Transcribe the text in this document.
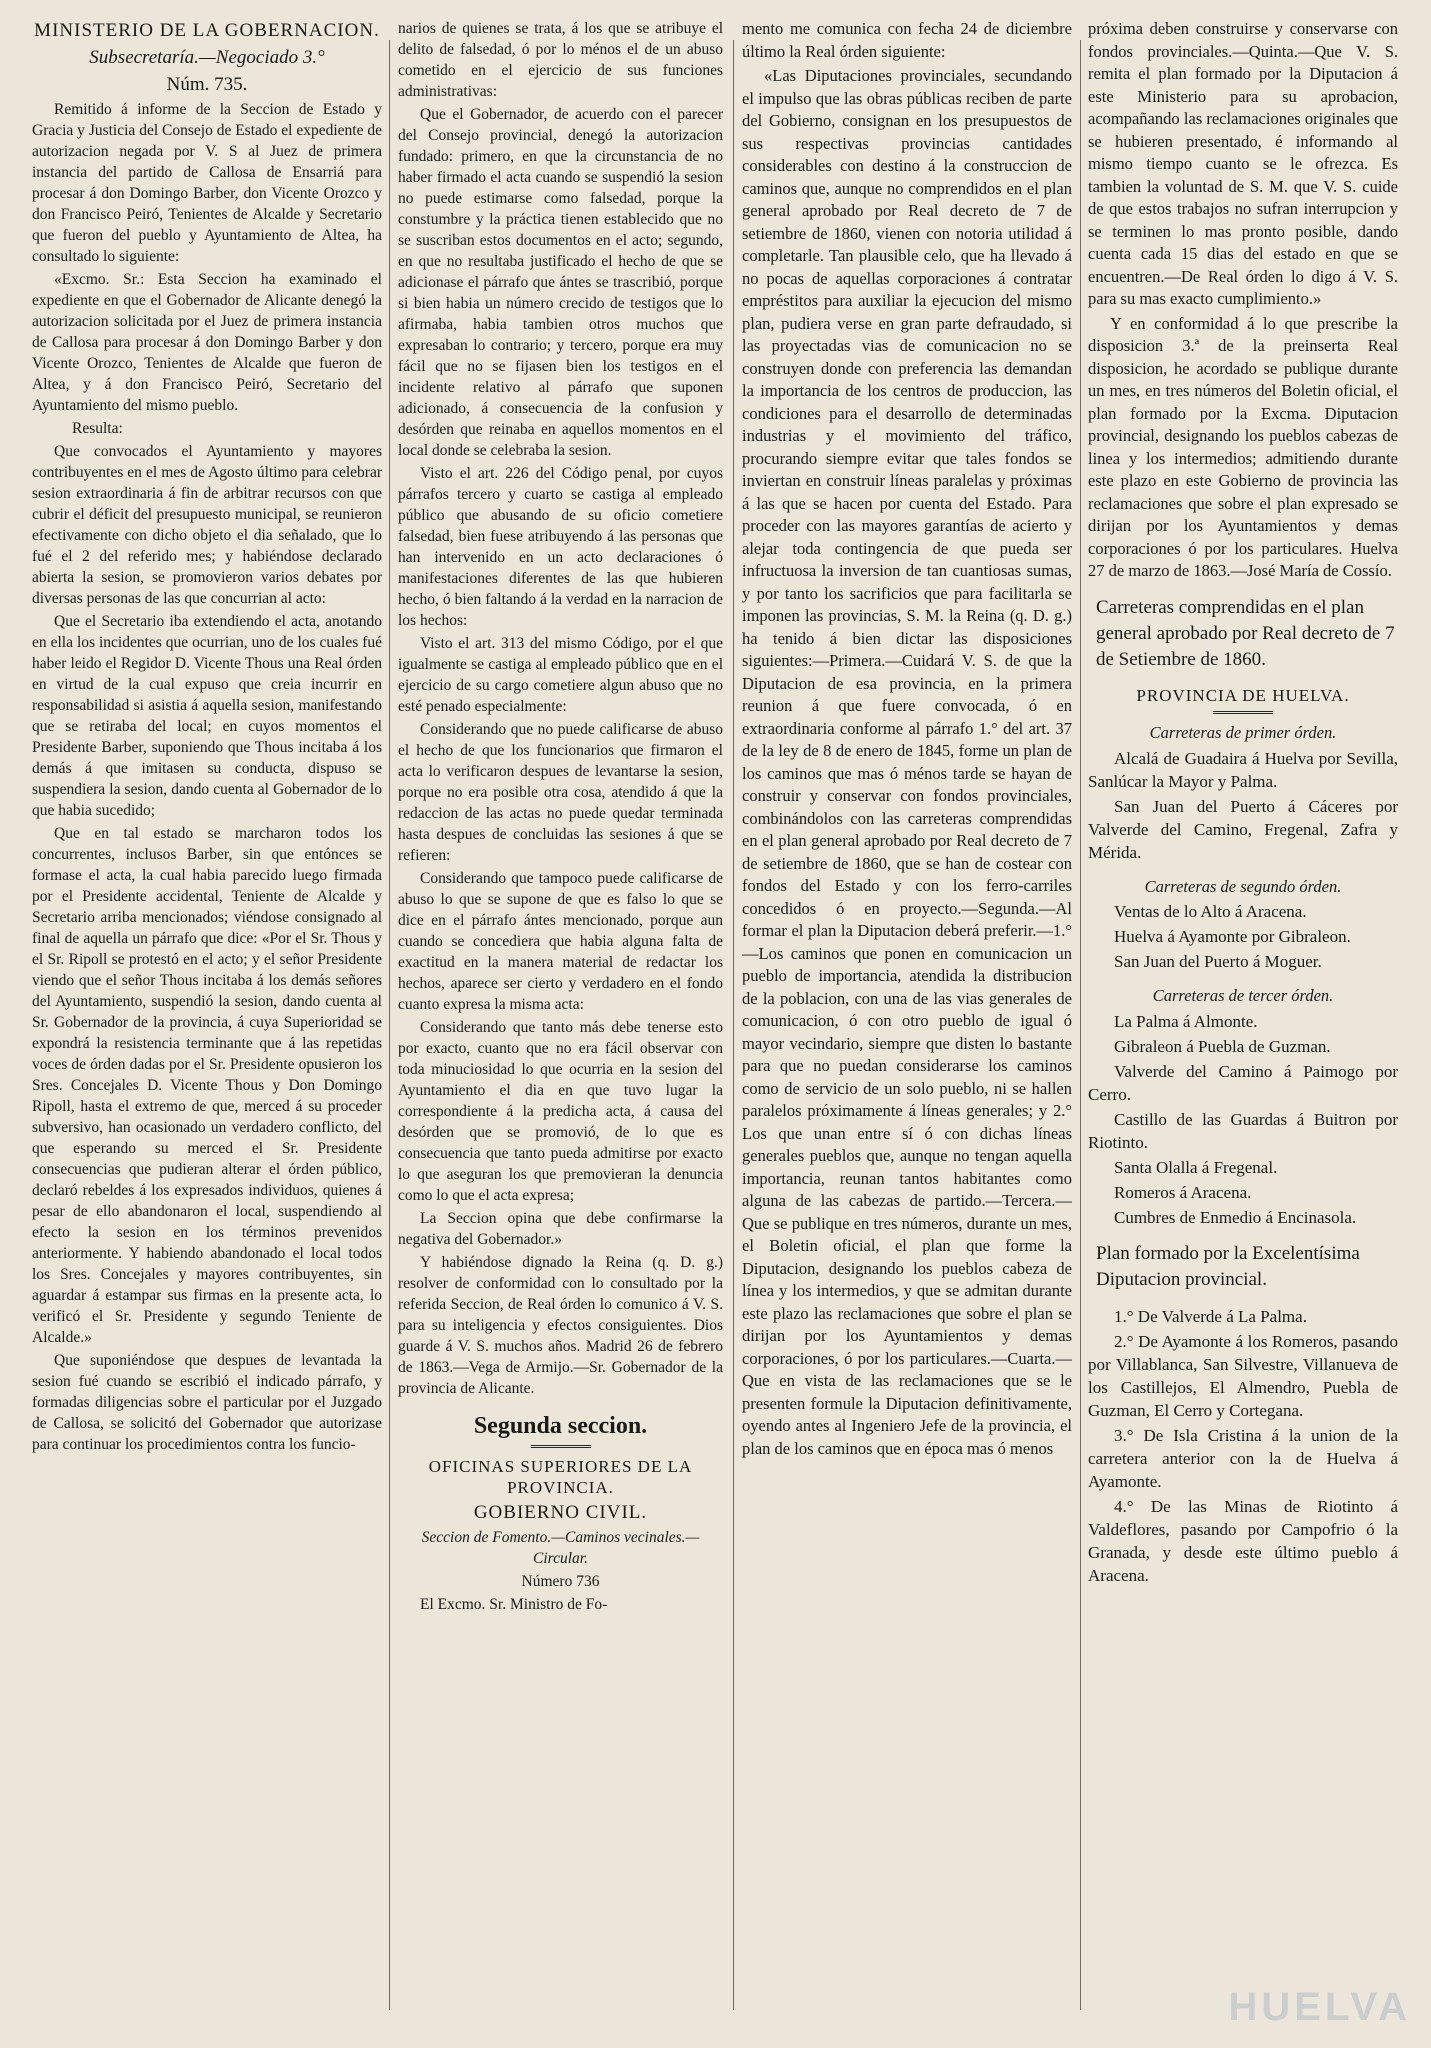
MINISTERIO DE LA GOBERNACION.

Subsecretaría.—Negociado 3.°

Núm. 735.

Remitido á informe de la Seccion de Estado y Gracia y Justicia del Consejo de Estado el expediente de autorizacion negada por V. S al Juez de primera instancia del partido de Callosa de Ensarriá para procesar á don Domingo Barber, don Vicente Orozco y don Francisco Peiró, Tenientes de Alcalde y Secretario que fueron del pueblo y Ayuntamiento de Altea, ha consultado lo siguiente:

«Excmo. Sr.: Esta Seccion ha examinado el expediente en que el Gobernador de Alicante denegó la autorizacion solicitada por el Juez de primera instancia de Callosa para procesar á don Domingo Barber y don Vicente Orozco, Tenientes de Alcalde que fueron de Altea, y á don Francisco Peiró, Secretario del Ayuntamiento del mismo pueblo.

Resulta:

Que convocados el Ayuntamiento y mayores contribuyentes en el mes de Agosto último para celebrar sesion extraordinaria á fin de arbitrar recursos con que cubrir el déficit del presupuesto municipal, se reunieron efectivamente con dicho objeto el dia señalado, que lo fué el 2 del referido mes; y habiéndose declarado abierta la sesion, se promovieron varios debates por diversas personas de las que concurrian al acto:

Que el Secretario iba extendiendo el acta, anotando en ella los incidentes que ocurrian, uno de los cuales fué haber leido el Regidor D. Vicente Thous una Real órden en virtud de la cual expuso que creia incurrir en responsabilidad si asistia á aquella sesion, manifestando que se retiraba del local; en cuyos momentos el Presidente Barber, suponiendo que Thous incitaba á los demás á que imitasen su conducta, dispuso se suspendiera la sesion, dando cuenta al Gobernador de lo que habia sucedido;

Que en tal estado se marcharon todos los concurrentes, inclusos Barber, sin que entónces se formase el acta, la cual habia parecido luego firmada por el Presidente accidental, Teniente de Alcalde y Secretario arriba mencionados; viéndose consignado al final de aquella un párrafo que dice: «Por el Sr. Thous y el Sr. Ripoll se protestó en el acto; y el señor Presidente viendo que el señor Thous incitaba á los demás señores del Ayuntamiento, suspendió la sesion, dando cuenta al Sr. Gobernador de la provincia, á cuya Superioridad se expondrá la resistencia terminante que á las repetidas voces de órden dadas por el Sr. Presidente opusieron los Sres. Concejales D. Vicente Thous y Don Domingo Ripoll, hasta el extremo de que, merced á su proceder subversivo, han ocasionado un verdadero conflicto, del que esperando su merced el Sr. Presidente consecuencias que pudieran alterar el órden público, declaró rebeldes á los expresados individuos, quienes á pesar de ello abandonaron el local, suspendiendo al efecto la sesion en los términos prevenidos anteriormente. Y habiendo abandonado el local todos los Sres. Concejales y mayores contribuyentes, sin aguardar á estampar sus firmas en la presente acta, lo verificó el Sr. Presidente y segundo Teniente de Alcalde.»

Que suponiéndose que despues de levantada la sesion fué cuando se escribió el indicado párrafo, y formadas diligencias sobre el particular por el Juzgado de Callosa, se solicitó del Gobernador que autorizase para continuar los procedimientos contra los funcio-

narios de quienes se trata, á los que se atribuye el delito de falsedad, ó por lo ménos el de un abuso cometido en el ejercicio de sus funciones administrativas:

Que el Gobernador, de acuerdo con el parecer del Consejo provincial, denegó la autorizacion fundado: primero, en que la circunstancia de no haber firmado el acta cuando se suspendió la sesion no puede estimarse como falsedad, porque la constumbre y la práctica tienen establecido que no se suscriban estos documentos en el acto; segundo, en que no resultaba justificado el hecho de que se adicionase el párrafo que ántes se trascribió, porque si bien habia un número crecido de testigos que lo afirmaba, habia tambien otros muchos que expresaban lo contrario; y tercero, porque era muy fácil que no se fijasen bien los testigos en el incidente relativo al párrafo que suponen adicionado, á consecuencia de la confusion y desórden que reinaba en aquellos momentos en el local donde se celebraba la sesion.

Visto el art. 226 del Código penal, por cuyos párrafos tercero y cuarto se castiga al empleado público que abusando de su oficio cometiere falsedad, bien fuese atribuyendo á las personas que han intervenido en un acto declaraciones ó manifestaciones diferentes de las que hubieren hecho, ó bien faltando á la verdad en la narracion de los hechos:

Visto el art. 313 del mismo Código, por el que igualmente se castiga al empleado público que en el ejercicio de su cargo cometiere algun abuso que no esté penado especialmente:

Considerando que no puede calificarse de abuso el hecho de que los funcionarios que firmaron el acta lo verificaron despues de levantarse la sesion, porque no era posible otra cosa, atendido á que la redaccion de las actas no puede quedar terminada hasta despues de concluidas las sesiones á que se refieren:

Considerando que tampoco puede calificarse de abuso lo que se supone de que es falso lo que se dice en el párrafo ántes mencionado, porque aun cuando se concediera que habia alguna falta de exactitud en la manera material de redactar los hechos, aparece ser cierto y verdadero en el fondo cuanto expresa la misma acta:

Considerando que tanto más debe tenerse esto por exacto, cuanto que no era fácil observar con toda minuciosidad lo que ocurria en la sesion del Ayuntamiento el dia en que tuvo lugar la correspondiente á la predicha acta, á causa del desórden que se promovió, de lo que es consecuencia que tanto pueda admitirse por exacto lo que aseguran los que premovieran la denuncia como lo que el acta expresa;

La Seccion opina que debe confirmarse la negativa del Gobernador.»

Y habiéndose dignado la Reina (q. D. g.) resolver de conformidad con lo consultado por la referida Seccion, de Real órden lo comunico á V. S. para su inteligencia y efectos consiguientes. Dios guarde á V. S. muchos años. Madrid 26 de febrero de 1863.—Vega de Armijo.—Sr. Gobernador de la provincia de Alicante.

Segunda seccion.

OFICINAS SUPERIORES DE LA PROVINCIA.

GOBIERNO CIVIL.

Seccion de Fomento.—Caminos vecinales.—Circular.

Número 736

El Excmo. Sr. Ministro de Fo-

mento me comunica con fecha 24 de diciembre último la Real órden siguiente:

«Las Diputaciones provinciales, secundando el impulso que las obras públicas reciben de parte del Gobierno, consignan en los presupuestos de sus respectivas provincias cantidades considerables con destino á la construccion de caminos que, aunque no comprendidos en el plan general aprobado por Real decreto de 7 de setiembre de 1860, vienen con notoria utilidad á completarle. Tan plausible celo, que ha llevado á no pocas de aquellas corporaciones á contratar empréstitos para auxiliar la ejecucion del mismo plan, pudiera verse en gran parte defraudado, si las proyectadas vias de comunicacion no se construyen donde con preferencia las demandan la importancia de los centros de produccion, las condiciones para el desarrollo de determinadas industrias y el movimiento del tráfico, procurando siempre evitar que tales fondos se inviertan en construir líneas paralelas y próximas á las que se hacen por cuenta del Estado. Para proceder con las mayores garantías de acierto y alejar toda contingencia de que pueda ser infructuosa la inversion de tan cuantiosas sumas, y por tanto los sacrificios que para facilitarla se imponen las provincias, S. M. la Reina (q. D. g.) ha tenido á bien dictar las disposiciones siguientes:—Primera.—Cuidará V. S. de que la Diputacion de esa provincia, en la primera reunion á que fuere convocada, ó en extraordinaria conforme al párrafo 1.° del art. 37 de la ley de 8 de enero de 1845, forme un plan de los caminos que mas ó ménos tarde se hayan de construir y conservar con fondos provinciales, combinándolos con las carreteras comprendidas en el plan general aprobado por Real decreto de 7 de setiembre de 1860, que se han de costear con fondos del Estado y con los ferro-carriles concedidos ó en proyecto.—Segunda.—Al formar el plan la Diputacion deberá preferir.—1.° —Los caminos que ponen en comunicacion un pueblo de importancia, atendida la distribucion de la poblacion, con una de las vias generales de comunicacion, ó con otro pueblo de igual ó mayor vecindario, siempre que disten lo bastante para que no puedan considerarse los caminos como de servicio de un solo pueblo, ni se hallen paralelos próximamente á líneas generales; y 2.° Los que unan entre sí ó con dichas líneas generales pueblos que, aunque no tengan aquella importancia, reunan tantos habitantes como alguna de las cabezas de partido.—Tercera.—Que se publique en tres números, durante un mes, el Boletin oficial, el plan que forme la Diputacion, designando los pueblos cabeza de línea y los intermedios, y que se admitan durante este plazo las reclamaciones que sobre el plan se dirijan por los Ayuntamientos y demas corporaciones, ó por los particulares.—Cuarta.—Que en vista de las reclamaciones que se le presenten formule la Diputacion definitivamente, oyendo antes al Ingeniero Jefe de la provincia, el plan de los caminos que en época mas ó menos

próxima deben construirse y conservarse con fondos provinciales.—Quinta.—Que V. S. remita el plan formado por la Diputacion á este Ministerio para su aprobacion, acompañando las reclamaciones originales que se hubieren presentado, é informando al mismo tiempo cuanto se le ofrezca. Es tambien la voluntad de S. M. que V. S. cuide de que estos trabajos no sufran interrupcion y se terminen lo mas pronto posible, dando cuenta cada 15 dias del estado en que se encuentren.—De Real órden lo digo á V. S. para su mas exacto cumplimiento.»

Y en conformidad á lo que prescribe la disposicion 3.ª de la preinserta Real disposicion, he acordado se publique durante un mes, en tres números del Boletin oficial, el plan formado por la Excma. Diputacion provincial, designando los pueblos cabezas de linea y los intermedios; admitiendo durante este plazo en este Gobierno de provincia las reclamaciones que sobre el plan expresado se dirijan por los Ayuntamientos y demas corporaciones ó por los particulares. Huelva 27 de marzo de 1863.—José María de Cossío.

Carreteras comprendidas en el plan general aprobado por Real decreto de 7 de Setiembre de 1860.

PROVINCIA DE HUELVA.

Carreteras de primer órden.

Alcalá de Guadaira á Huelva por Sevilla, Sanlúcar la Mayor y Palma.

San Juan del Puerto á Cáceres por Valverde del Camino, Fregenal, Zafra y Mérida.

Carreteras de segundo órden.

Ventas de lo Alto á Aracena.

Huelva á Ayamonte por Gibraleon.

San Juan del Puerto á Moguer.

Carreteras de tercer órden.

La Palma á Almonte.

Gibraleon á Puebla de Guzman.

Valverde del Camino á Paimogo por Cerro.

Castillo de las Guardas á Buitron por Riotinto.

Santa Olalla á Fregenal.

Romeros á Aracena.

Cumbres de Enmedio á Encinasola.

Plan formado por la Excelentísima Diputacion provincial.

1.° De Valverde á La Palma.

2.° De Ayamonte á los Romeros, pasando por Villablanca, San Silvestre, Villanueva de los Castillejos, El Almendro, Puebla de Guzman, El Cerro y Cortegana.

3.° De Isla Cristina á la union de la carretera anterior con la de Huelva á Ayamonte.

4.° De las Minas de Riotinto á Valdeflores, pasando por Campofrio ó la Granada, y desde este último pueblo á Aracena.

HUELVA
